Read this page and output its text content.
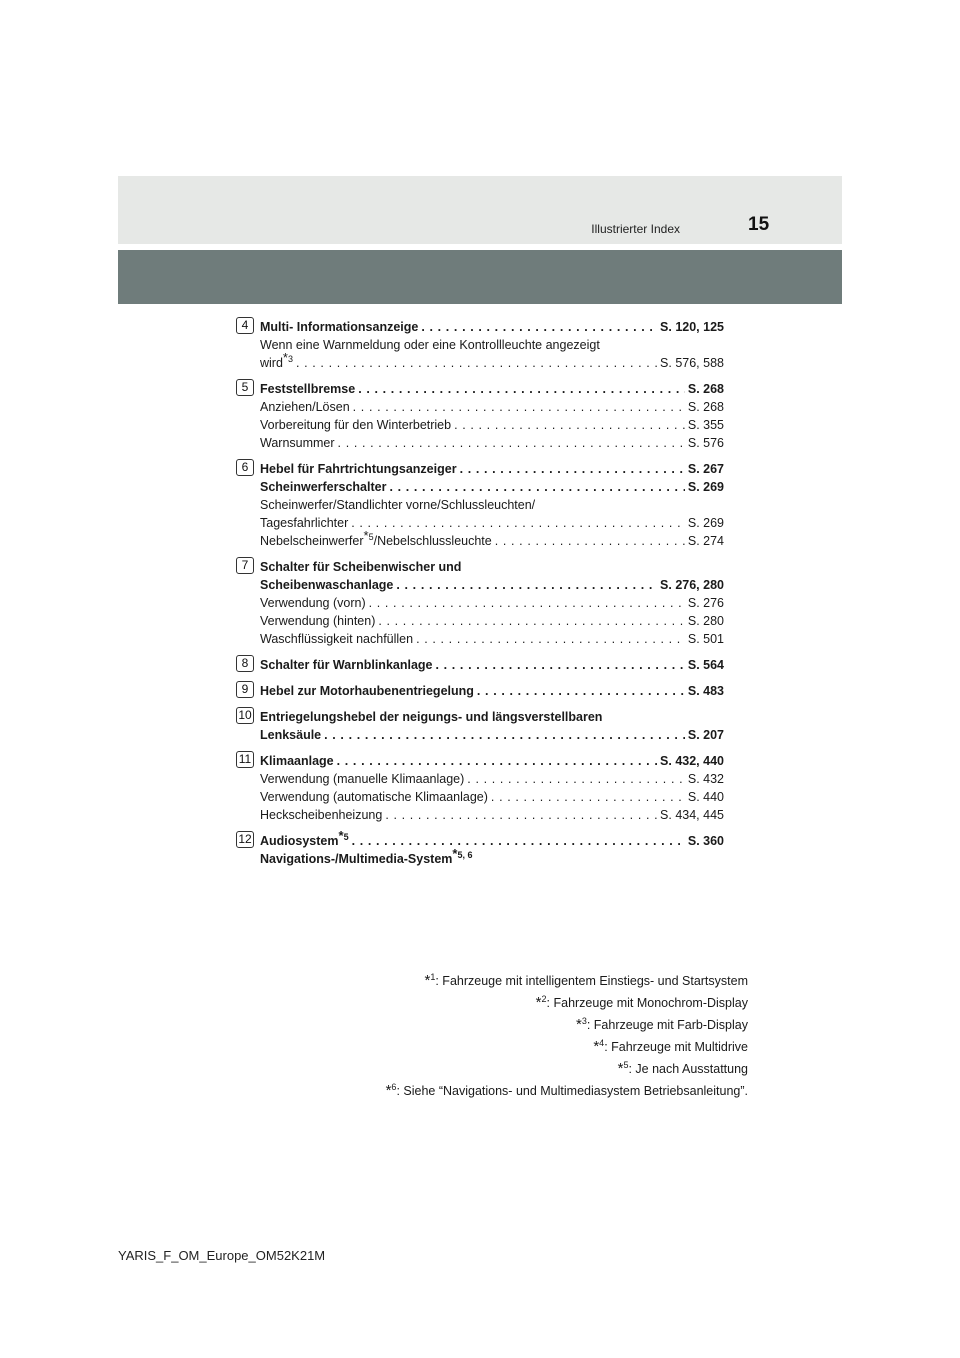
Illustrierter Index	15
4 Multi- Informationsanzeige . . .	S. 120, 125
Wenn eine Warnmeldung oder eine Kontrollleuchte angezeigt
wird$^{*3}$ . . .	S. 576, 588
5 Feststellbremse . . .	S. 268
Anziehen/Lösen . . .	S. 268
Vorbereitung für den Winterbetrieb . . .	S. 355
Warnsummer . . .	S. 576
6 Hebel für Fahrtrichtungsanzeiger . . .	S. 267
Scheinwerferschalter . . .	S. 269
Scheinwerfer/Standlichter vorne/Schlussleuchten/
Tagesfahrlichter . . .	S. 269
Nebelscheinwerfer$^{*5}$/Nebelschlussleuchte . . .	S. 274
7 Schalter für Scheibenwischer und
Scheibenwaschanlage . . .	S. 276, 280
Verwendung (vorn) . . .	S. 276
Verwendung (hinten) . . .	S. 280
Waschflüssigkeit nachfüllen . . .	S. 501
8 Schalter für Warnblinkanlage . . .	S. 564
9 Hebel zur Motorhaubenentriegelung . . .	S. 483
10 Entriegelungshebel der neigungs- und längsverstellbaren
Lenksäule . . .	S. 207
11 Klimaanlage . . .	S. 432, 440
Verwendung (manuelle Klimaanlage) . . .	S. 432
Verwendung (automatische Klimaanlage) . . .	S. 440
Heckscheibenheizung . . .	S. 434, 445
12 Audiosystem$^{*5}$ . . .	S. 360
Navigations-/Multimedia-System$^{*5, 6}$
*$^1$: Fahrzeuge mit intelligentem Einstiegs- und Startsystem
*$^2$: Fahrzeuge mit Monochrom-Display
*$^3$: Fahrzeuge mit Farb-Display
*$^4$: Fahrzeuge mit Multidrive
*$^5$: Je nach Ausstattung
*$^6$: Siehe “Navigations- und Multimediasystem Betriebsanleitung”.
YARIS_F_OM_Europe_OM52K21M
